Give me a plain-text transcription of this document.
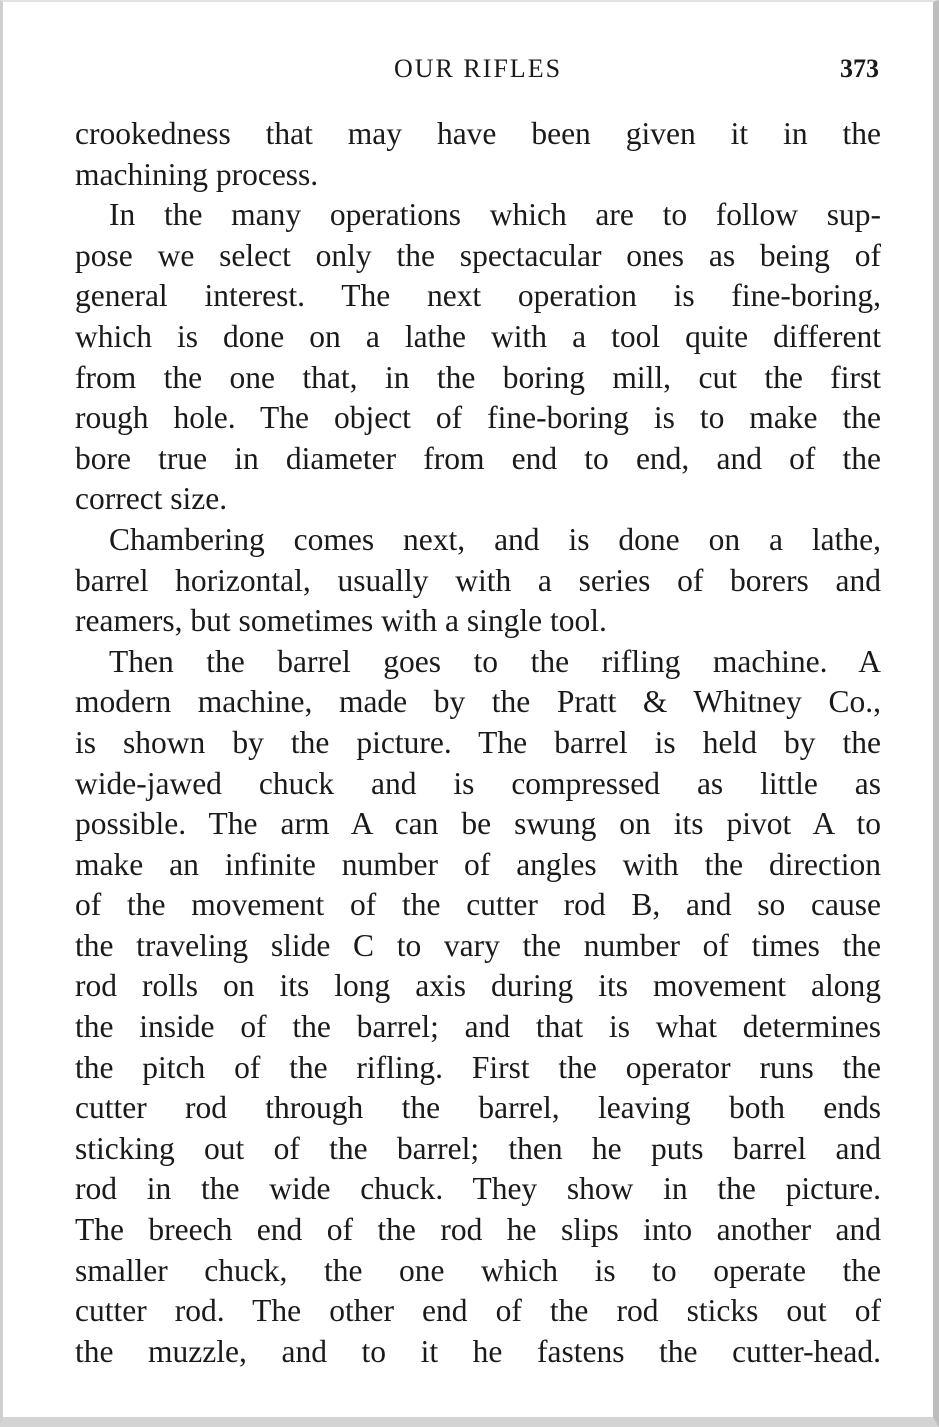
OUR RIFLES	373
crookedness that may have been given it in the
machining process.
In the many operations which are to follow sup-
pose we select only the spectacular ones as being of
general interest. The next operation is fine-boring,
which is done on a lathe with a tool quite different
from the one that, in the boring mill, cut the first
rough hole. The object of fine-boring is to make the
bore true in diameter from end to end, and of the
correct size.
Chambering comes next, and is done on a lathe,
barrel horizontal, usually with a series of borers and
reamers, but sometimes with a single tool.
Then the barrel goes to the rifling machine. A
modern machine, made by the Pratt & Whitney Co.,
is shown by the picture. The barrel is held by the
wide-jawed chuck and is compressed as little as
possible. The arm A can be swung on its pivot A to
make an infinite number of angles with the direction
of the movement of the cutter rod B, and so cause
the traveling slide C to vary the number of times the
rod rolls on its long axis during its movement along
the inside of the barrel; and that is what determines
the pitch of the rifling. First the operator runs the
cutter rod through the barrel, leaving both ends
sticking out of the barrel; then he puts barrel and
rod in the wide chuck. They show in the picture.
The breech end of the rod he slips into another and
smaller chuck, the one which is to operate the
cutter rod. The other end of the rod sticks out of
the muzzle, and to it he fastens the cutter-head.
